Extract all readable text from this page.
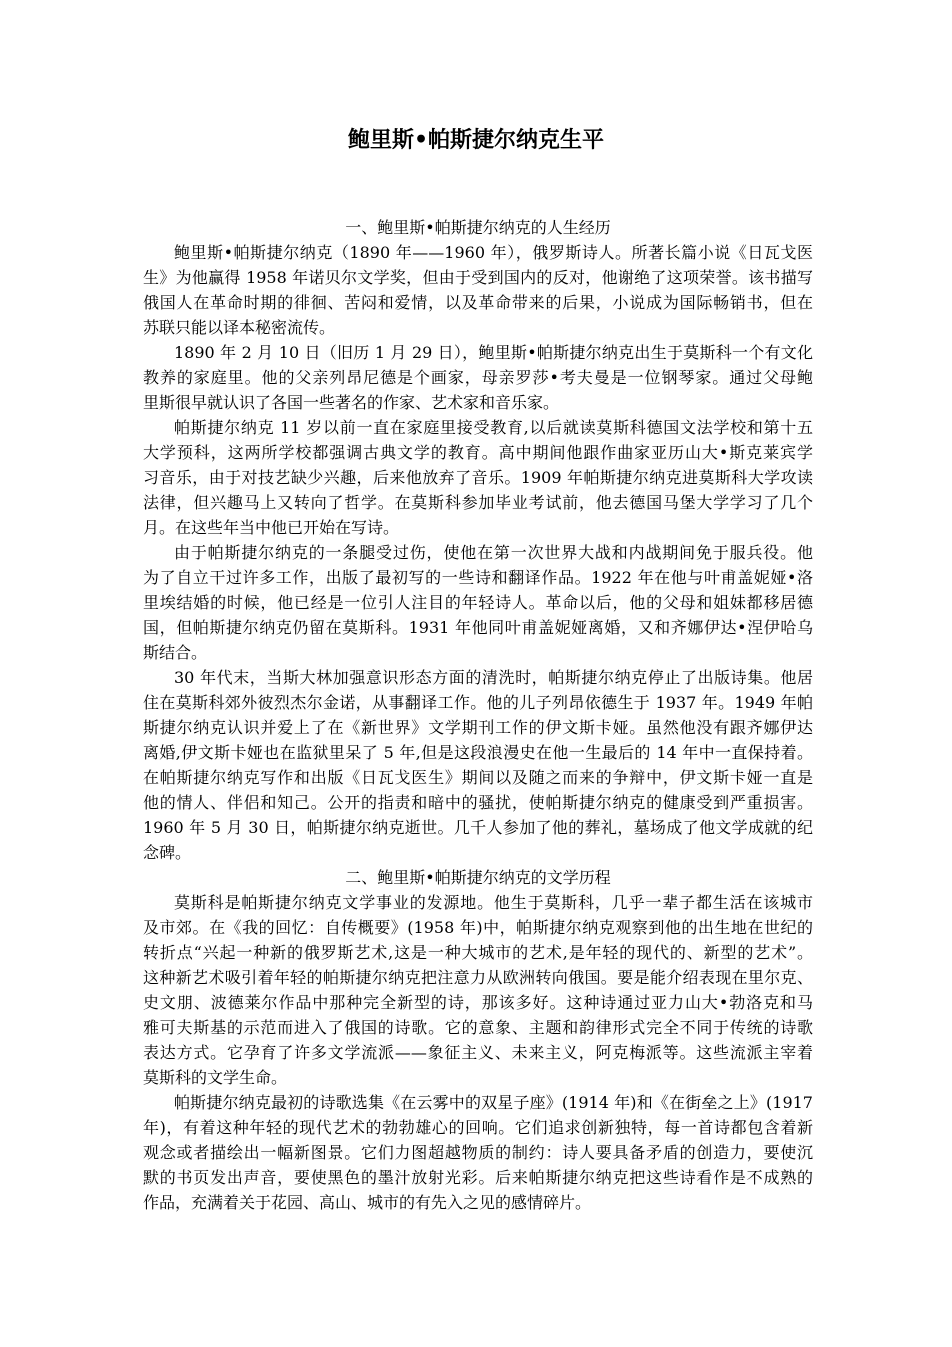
鲍里斯•帕斯捷尔纳克生平
一、鲍里斯•帕斯捷尔纳克的人生经历
鲍里斯•帕斯捷尔纳克（1890 年——1960 年），俄罗斯诗人。所著长篇小说《日瓦戈医
生》为他赢得 1958 年诺贝尔文学奖，但由于受到国内的反对，他谢绝了这项荣誉。该书描写
俄国人在革命时期的徘徊、苦闷和爱情，以及革命带来的后果，小说成为国际畅销书，但在
苏联只能以译本秘密流传。
1890 年 2 月 10 日（旧历 1 月 29 日），鲍里斯•帕斯捷尔纳克出生于莫斯科一个有文化
教养的家庭里。他的父亲列昂尼德是个画家，母亲罗莎•考夫曼是一位钢琴家。通过父母鲍
里斯很早就认识了各国一些著名的作家、艺术家和音乐家。
帕斯捷尔纳克 11 岁以前一直在家庭里接受教育,以后就读莫斯科德国文法学校和第十五
大学预科，这两所学校都强调古典文学的教育。高中期间他跟作曲家亚历山大•斯克莱宾学
习音乐，由于对技艺缺少兴趣，后来他放弃了音乐。1909 年帕斯捷尔纳克进莫斯科大学攻读
法律，但兴趣马上又转向了哲学。在莫斯科参加毕业考试前，他去德国马堡大学学习了几个
月。在这些年当中他已开始在写诗。
由于帕斯捷尔纳克的一条腿受过伤，使他在第一次世界大战和内战期间免于服兵役。他
为了自立干过许多工作，出版了最初写的一些诗和翻译作品。1922 年在他与叶甫盖妮娅•洛
里埃结婚的时候，他已经是一位引人注目的年轻诗人。革命以后，他的父母和姐妹都移居德
国，但帕斯捷尔纳克仍留在莫斯科。1931 年他同叶甫盖妮娅离婚，又和齐娜伊达•涅伊哈乌
斯结合。
30 年代末，当斯大林加强意识形态方面的清洗时，帕斯捷尔纳克停止了出版诗集。他居
住在莫斯科郊外彼烈杰尔金诺，从事翻译工作。他的儿子列昂依德生于 1937 年。1949 年帕
斯捷尔纳克认识并爱上了在《新世界》文学期刊工作的伊文斯卡娅。虽然他没有跟齐娜伊达
离婚,伊文斯卡娅也在监狱里呆了 5 年,但是这段浪漫史在他一生最后的 14 年中一直保持着。
在帕斯捷尔纳克写作和出版《日瓦戈医生》期间以及随之而来的争辩中，伊文斯卡娅一直是
他的情人、伴侣和知己。公开的指责和暗中的骚扰，使帕斯捷尔纳克的健康受到严重损害。
1960 年 5 月 30 日，帕斯捷尔纳克逝世。几千人参加了他的葬礼，墓场成了他文学成就的纪
念碑。
二、鲍里斯•帕斯捷尔纳克的文学历程
莫斯科是帕斯捷尔纳克文学事业的发源地。他生于莫斯科，几乎一辈子都生活在该城市
及市郊。在《我的回忆：自传概要》(1958 年)中，帕斯捷尔纳克观察到他的出生地在世纪的
转折点“兴起一种新的俄罗斯艺术,这是一种大城市的艺术,是年轻的现代的、新型的艺术”。
这种新艺术吸引着年轻的帕斯捷尔纳克把注意力从欧洲转向俄国。要是能介绍表现在里尔克、
史文朋、波德莱尔作品中那种完全新型的诗，那该多好。这种诗通过亚力山大•勃洛克和马
雅可夫斯基的示范而进入了俄国的诗歌。它的意象、主题和韵律形式完全不同于传统的诗歌
表达方式。它孕育了许多文学流派——象征主义、未来主义，阿克梅派等。这些流派主宰着
莫斯科的文学生命。
帕斯捷尔纳克最初的诗歌选集《在云雾中的双星子座》(1914 年)和《在街垒之上》(1917
年)，有着这种年轻的现代艺术的勃勃雄心的回响。它们追求创新独特，每一首诗都包含着新
观念或者描绘出一幅新图景。它们力图超越物质的制约：诗人要具备矛盾的创造力，要使沉
默的书页发出声音，要使黑色的墨汁放射光彩。后来帕斯捷尔纳克把这些诗看作是不成熟的
作品，充满着关于花园、高山、城市的有先入之见的感情碎片。
